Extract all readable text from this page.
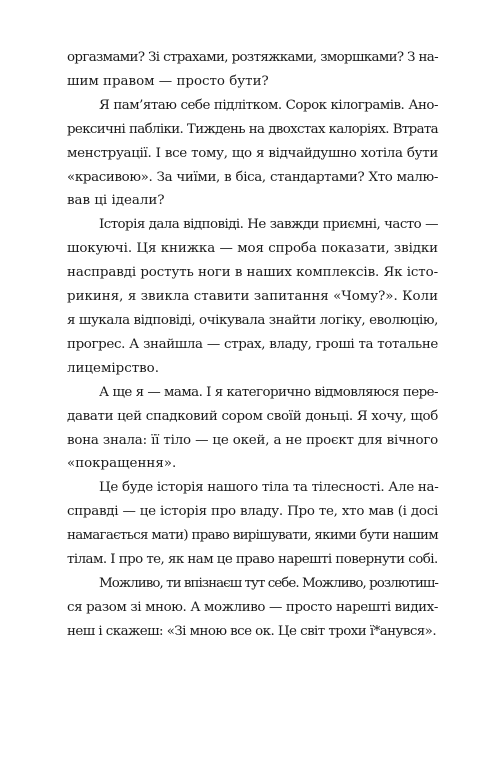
оргазмами? Зі страхами, розтяжками, зморшками? З на-
шим правом — просто бути?
Я пам’ятаю себе підлітком. Сорок кілограмів. Ано-
рексичні пабліки. Тиждень на двохстах калоріях. Втрата
менструації. І все тому, що я відчайдушно хотіла бути
«красивою». За чиїми, в біса, стандартами? Хто малю-
вав ці ідеали?
Історія дала відповіді. Не завжди приємні, часто —
шокуючі. Ця книжка — моя спроба показати, звідки
насправді ростуть ноги в наших комплексів. Як істо-
рикиня, я звикла ставити запитання «Чому?». Коли
я шукала відповіді, очікувала знайти логіку, еволюцію,
прогрес. А знайшла — страх, владу, гроші та тотальне
лицемірство.
А ще я — мама. І я категорично відмовляюся пере-
давати цей спадковий сором своїй доньці. Я хочу, щоб
вона знала: її тіло — це окей, а не проєкт для вічного
«покращення».
Це буде історія нашого тіла та тілесності. Але на-
справді — це історія про владу. Про те, хто мав (і досі
намагається мати) право вирішувати, якими бути нашим
тілам. І про те, як нам це право нарешті повернути собі.
Можливо, ти впізнаєш тут себе. Можливо, розлютиш-
ся разом зі мною. А можливо — просто нарешті видих-
неш і скажеш: «Зі мною все ок. Це світ трохи ї*анувся».
